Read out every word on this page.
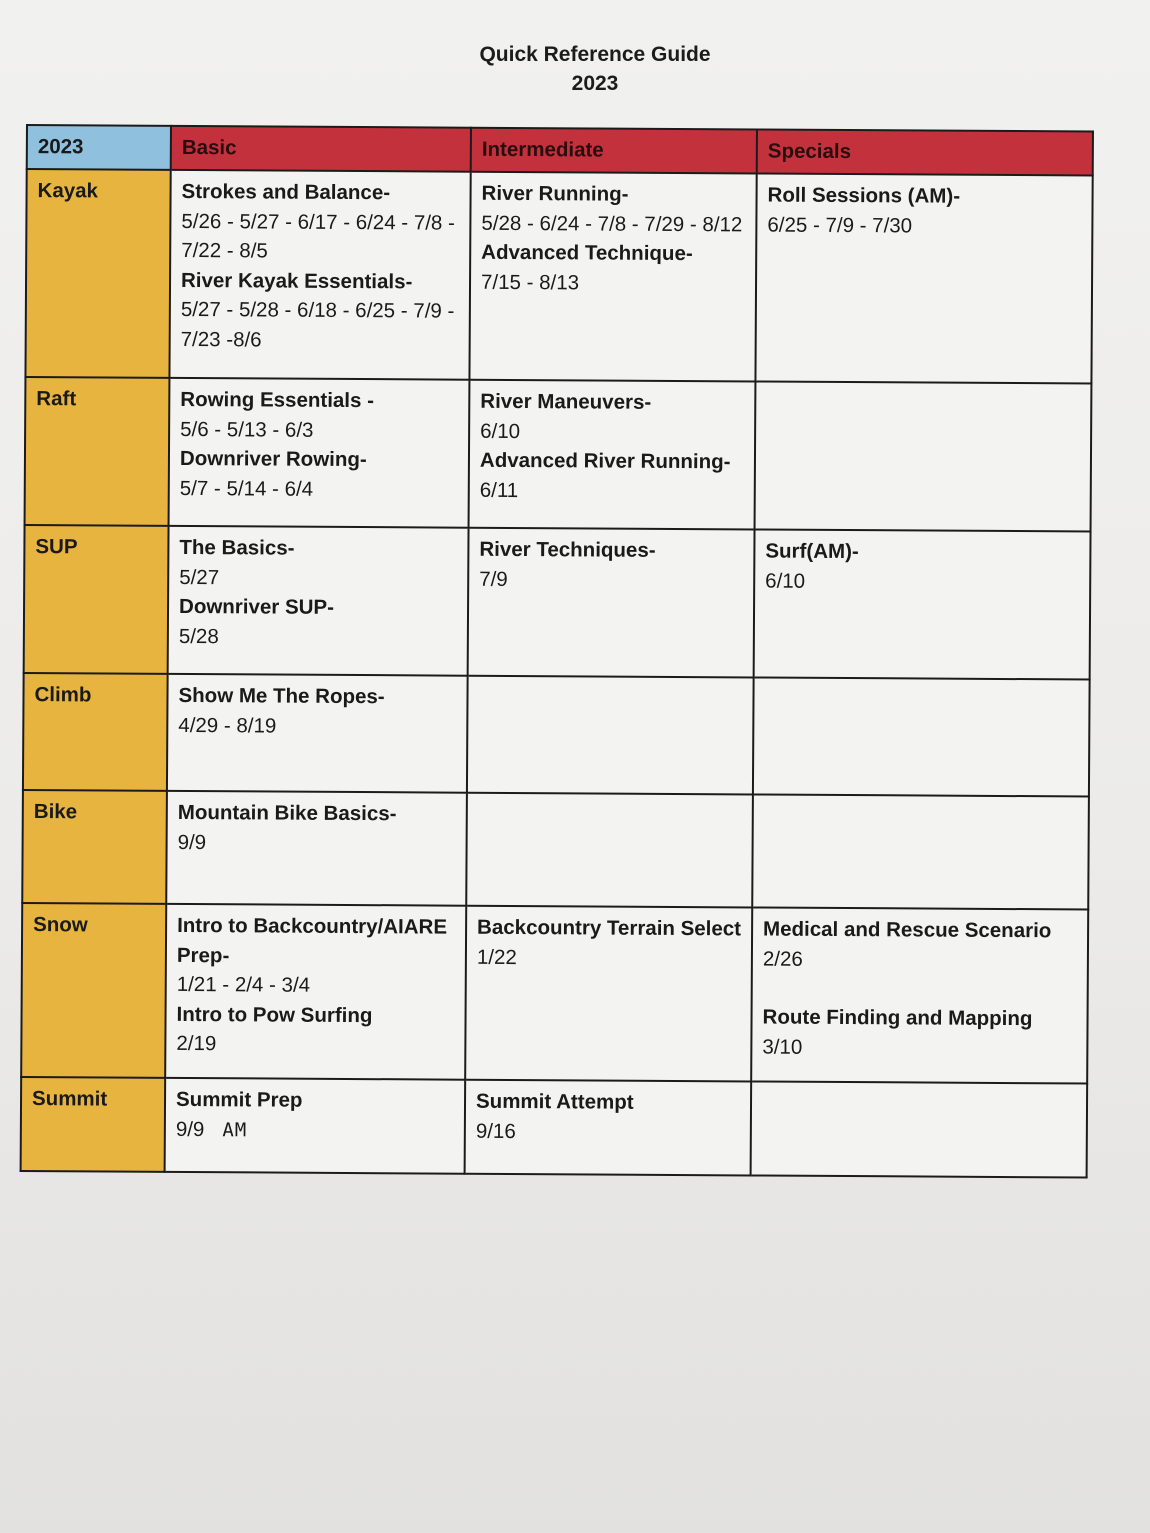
Quick Reference Guide
2023
2023	Basic	Intermediate	Specials
Kayak	Strokes and Balance-
5/26 - 5/27 - 6/17 - 6/24 - 7/8 - 7/22 - 8/5
River Kayak Essentials-
5/27 - 5/28 - 6/18 - 6/25 - 7/9 - 7/23 -8/6	River Running-
5/28 - 6/24 - 7/8 - 7/29 - 8/12
Advanced Technique-
7/15 - 8/13	Roll Sessions (AM)-
6/25 - 7/9 - 7/30

Raft	Rowing Essentials -
5/6 - 5/13 - 6/3
Downriver Rowing-
5/7 - 5/14 - 6/4	River Maneuvers-
6/10
Advanced River Running-
6/11	

SUP	The Basics-
5/27
Downriver SUP-
5/28	River Techniques-
7/9	Surf(AM)-
6/10

Climb	Show Me The Ropes-
4/29 - 8/19		

Bike	Mountain Bike Basics-
9/9		

Snow	Intro to Backcountry/AIARE Prep-
1/21 - 2/4 - 3/4
Intro to Pow Surfing
2/19	Backcountry Terrain Select
1/22	Medical and Rescue Scenario
2/26
Route Finding and Mapping
3/10

Summit	Summit Prep
9/9 AM	Summit Attempt
9/16	
